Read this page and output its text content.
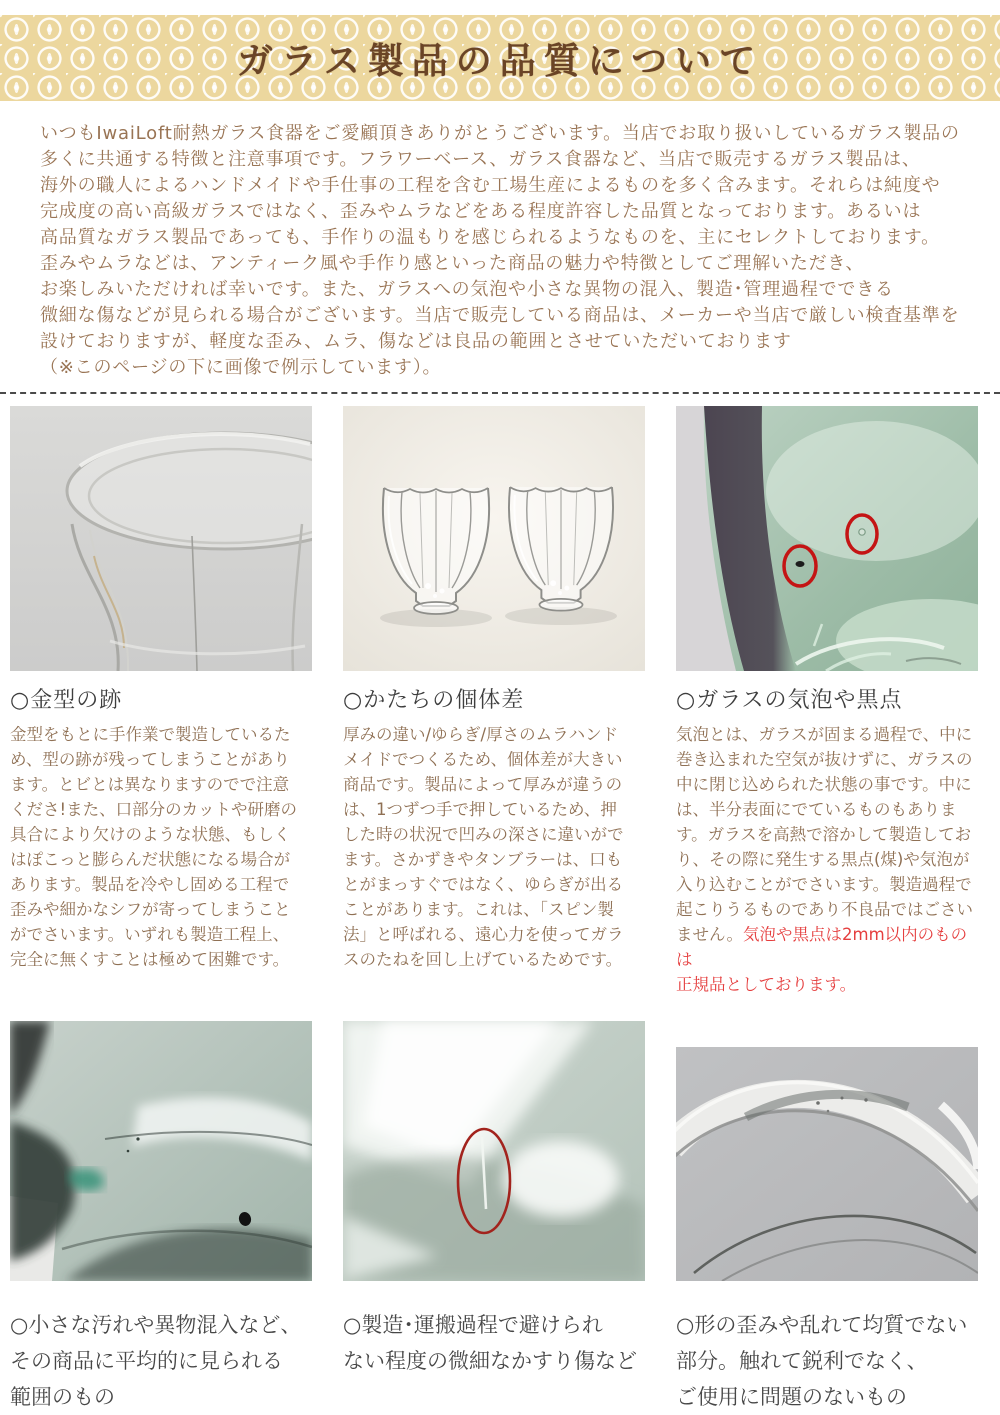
ガラス製品の品質について

いつもIwaiLoft耐熱ガラス食器をご愛顧頂きありがとうございます。当店でお取り扱いしているガラス製品の
多くに共通する特徴と注意事項です。フラワーベース、ガラス食器など、当店で販売するガラス製品は、
海外の職人によるハンドメイドや手仕事の工程を含む工場生産によるものを多く含みます。それらは純度や
完成度の高い高級ガラスではなく、歪みやムラなどをある程度許容した品質となっております。あるいは
高品質なガラス製品であっても、手作りの温もりを感じられるようなものを、主にセレクトしております。
歪みやムラなどは、アンティーク風や手作り感といった商品の魅力や特徴としてご理解いただき、
お楽しみいただければ幸いです。また、ガラスへの気泡や小さな異物の混入、製造･管理過程でできる
微細な傷などが見られる場合がございます。当店で販売している商品は、メーカーや当店で厳しい検査基準を
設けておりますが、軽度な歪み、ムラ、傷などは良品の範囲とさせていただいております
（※このページの下に画像で例示しています）。

○金型の跡

金型をもとに手作業で製造しているた
め、型の跡が残ってしまうことがあり
ます。とビとは異なりますのでで注意
くださ!また、口部分のカットや研磨の
具合により欠けのような状態、もしく
はぽこっと膨らんだ状態になる場合が
あります。製品を冷やし固める工程で
歪みや細かなシフが寄ってしまうこと
がでさいます。いずれも製造工程上、
完全に無くすことは極めて困難です。

○かたちの個体差

厚みの違い/ゆらぎ/厚さのムラハンド
メイドでつくるため、個体差が大きい
商品です。製品によって厚みが違うの
は、1つずつ手で押しているため、押
した時の状況で凹みの深さに違いがで
ます。さかずきやタンブラーは、口も
とがまっすぐではなく、ゆらぎが出る
ことがあります。これは、「スピン製
法」と呼ばれる、遠心力を使ってガラ
スのたねを回し上げているためです。

○ガラスの気泡や黒点

気泡とは、ガラスが固まる過程で、中に
巻き込まれた空気が抜けずに、ガラスの
中に閉じ込められた状態の事です。中に
は、半分表面にでているものもありま
す。ガラスを高熱で溶かして製造してお
り、その際に発生する黒点(煤)や気泡が
入り込むことがでさいます。製造過程で
起こりうるものであり不良品ではごさい
ません。気泡や黒点は2mm以内のものは
正規品としております。

○小さな汚れや異物混入など、
その商品に平均的に見られる
範囲のもの

○製造･運搬過程で避けられ
ない程度の微細なかすり傷など

○形の歪みや乱れて均質でない
部分。触れて鋭利でなく、
ご使用に問題のないもの
